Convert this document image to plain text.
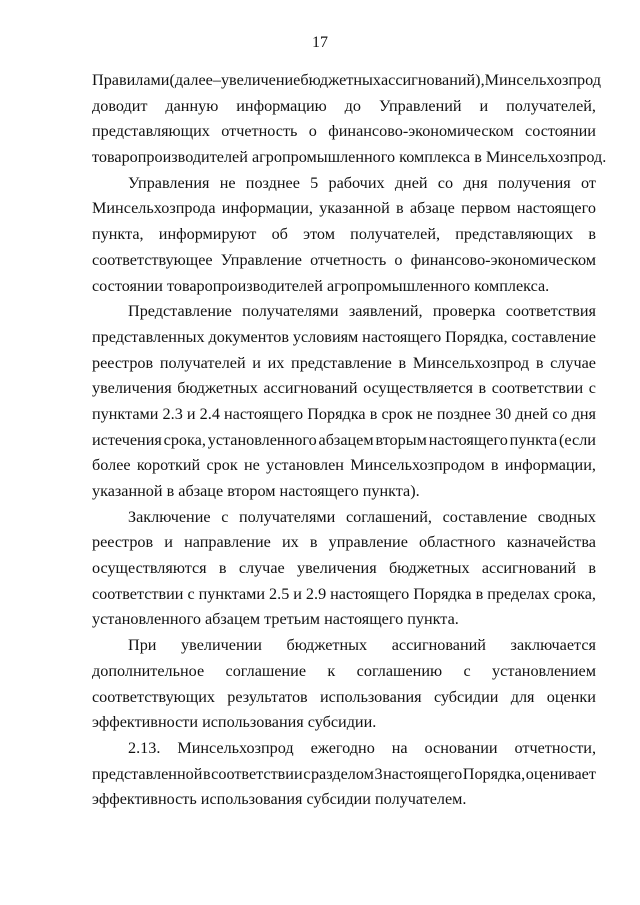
17
Правилами (далее – увеличение бюджетных ассигнований), Минсельхозпрод
доводит данную информацию до Управлений и получателей,
представляющих отчетность о финансово-экономическом состоянии
товаропроизводителей агропромышленного комплекса в Минсельхозпрод.
Управления не позднее 5 рабочих дней со дня получения от
Минсельхозпрода информации, указанной в абзаце первом настоящего
пункта, информируют об этом получателей, представляющих в
соответствующее Управление отчетность о финансово-экономическом
состоянии товаропроизводителей агропромышленного комплекса.
Представление получателями заявлений, проверка соответствия
представленных документов условиям настоящего Порядка, составление
реестров получателей и их представление в Минсельхозпрод в случае
увеличения бюджетных ассигнований осуществляется в соответствии с
пунктами 2.3 и 2.4 настоящего Порядка в срок не позднее 30 дней со дня
истечения срока, установленного абзацем вторым настоящего пункта (если
более короткий срок не установлен Минсельхозпродом в информации,
указанной в абзаце втором настоящего пункта).
Заключение с получателями соглашений, составление сводных
реестров и направление их в управление областного казначейства
осуществляются в случае увеличения бюджетных ассигнований в
соответствии с пунктами 2.5 и 2.9 настоящего Порядка в пределах срока,
установленного абзацем третьим настоящего пункта.
При увеличении бюджетных ассигнований заключается
дополнительное соглашение к соглашению с установлением
соответствующих результатов использования субсидии для оценки
эффективности использования субсидии.
2.13. Минсельхозпрод ежегодно на основании отчетности,
представленной в соответствии с разделом 3 настоящего Порядка, оценивает
эффективность использования субсидии получателем.
